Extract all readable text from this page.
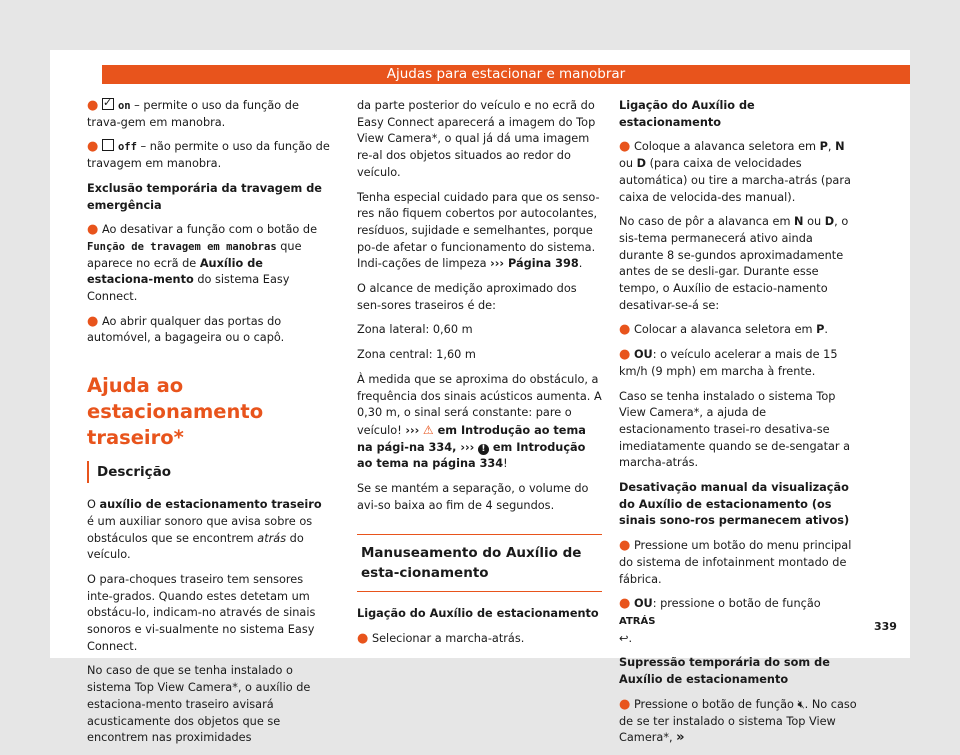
Ajudas para estacionar e manobrar

● ✓ on – permite o uso da função de trava-gem em manobra.

● off – não permite o uso da função de travagem em manobra.

Exclusão temporária da travagem de emergência

● Ao desativar a função com o botão de Função de travagem em manobras que aparece no ecrã de Auxílio de estaciona-mento do sistema Easy Connect.

● Ao abrir qualquer das portas do automóvel, a bagageira ou o capô.

Ajuda ao estacionamento traseiro*
Descrição

O auxílio de estacionamento traseiro é um auxiliar sonoro que avisa sobre os obstáculos que se encontrem atrás do veículo.

O para-choques traseiro tem sensores inte-grados. Quando estes detetam um obstácu-lo, indicam-no através de sinais sonoros e vi-sualmente no sistema Easy Connect.

No caso de que se tenha instalado o sistema Top View Camera*, o auxílio de estaciona-mento traseiro avisará acusticamente dos objetos que se encontrem nas proximidades

da parte posterior do veículo e no ecrã do Easy Connect aparecerá a imagem do Top View Camera*, o qual já dá uma imagem re-al dos objetos situados ao redor do veículo.

Tenha especial cuidado para que os senso-res não fiquem cobertos por autocolantes, resíduos, sujidade e semelhantes, porque po-de afetar o funcionamento do sistema. Indi-cações de limpeza ››› Página 398.

O alcance de medição aproximado dos sen-sores traseiros é de:

Zona lateral: 0,60 m

Zona central: 1,60 m

À medida que se aproxima do obstáculo, a frequência dos sinais acústicos aumenta. A 0,30 m, o sinal será constante: pare o veículo! ››› ⚠ em Introdução ao tema na pági-na 334, ››› ! em Introdução ao tema na página 334!

Se se mantém a separação, o volume do avi-so baixa ao fim de 4 segundos.

Manuseamento do Auxílio de esta-cionamento

Ligação do Auxílio de estacionamento

● Selecionar a marcha-atrás.

Ligação do Auxílio de estacionamento

● Coloque a alavanca seletora em P, N ou D (para caixa de velocidades automática) ou tire a marcha-atrás (para caixa de velocida-des manual).

No caso de pôr a alavanca em N ou D, o sis-tema permanecerá ativo ainda durante 8 se-gundos aproximadamente antes de se desli-gar. Durante esse tempo, o Auxílio de estacio-namento desativar-se-á se:

● Colocar a alavanca seletora em P.

● OU: o veículo acelerar a mais de 15 km/h (9 mph) em marcha à frente.

Caso se tenha instalado o sistema Top View Camera*, a ajuda de estacionamento trasei-ro desativa-se imediatamente quando se de-sengatar a marcha-atrás.

Desativação manual da visualização do Auxílio de estacionamento (os sinais sono-ros permanecem ativos)

● Pressione um botão do menu principal do sistema de infotainment montado de fábrica.

● OU: pressione o botão de função ATRÁS
↩.

Supressão temporária do som de Auxílio de estacionamento

● Pressione o botão de função 🔇︎. No caso de se ter instalado o sistema Top View Camera*, »

339
